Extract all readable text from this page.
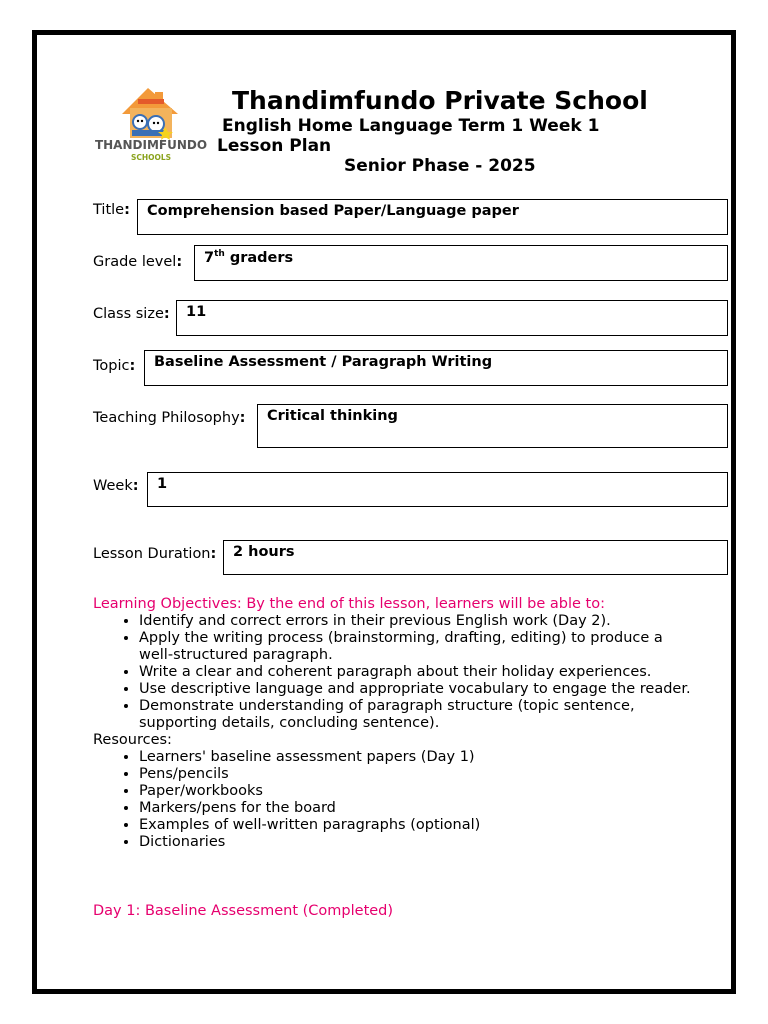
THANDIMFUNDO
SCHOOLS
Thandimfundo Private School
English Home Language Term 1 Week 1
Lesson Plan
Senior Phase - 2025
Title:	Comprehension based Paper/Language paper
Grade level:	7th graders
Class size:	11
Topic:	Baseline Assessment / Paragraph Writing
Teaching Philosophy:	Critical thinking
Week:	1
Lesson Duration:	2 hours
Learning Objectives: By the end of this lesson, learners will be able to:
• Identify and correct errors in their previous English work (Day 2).
• Apply the writing process (brainstorming, drafting, editing) to produce a well-structured paragraph.
• Write a clear and coherent paragraph about their holiday experiences.
• Use descriptive language and appropriate vocabulary to engage the reader.
• Demonstrate understanding of paragraph structure (topic sentence, supporting details, concluding sentence).
Resources:
• Learners' baseline assessment papers (Day 1)
• Pens/pencils
• Paper/workbooks
• Markers/pens for the board
• Examples of well-written paragraphs (optional)
• Dictionaries
Day 1: Baseline Assessment (Completed)
